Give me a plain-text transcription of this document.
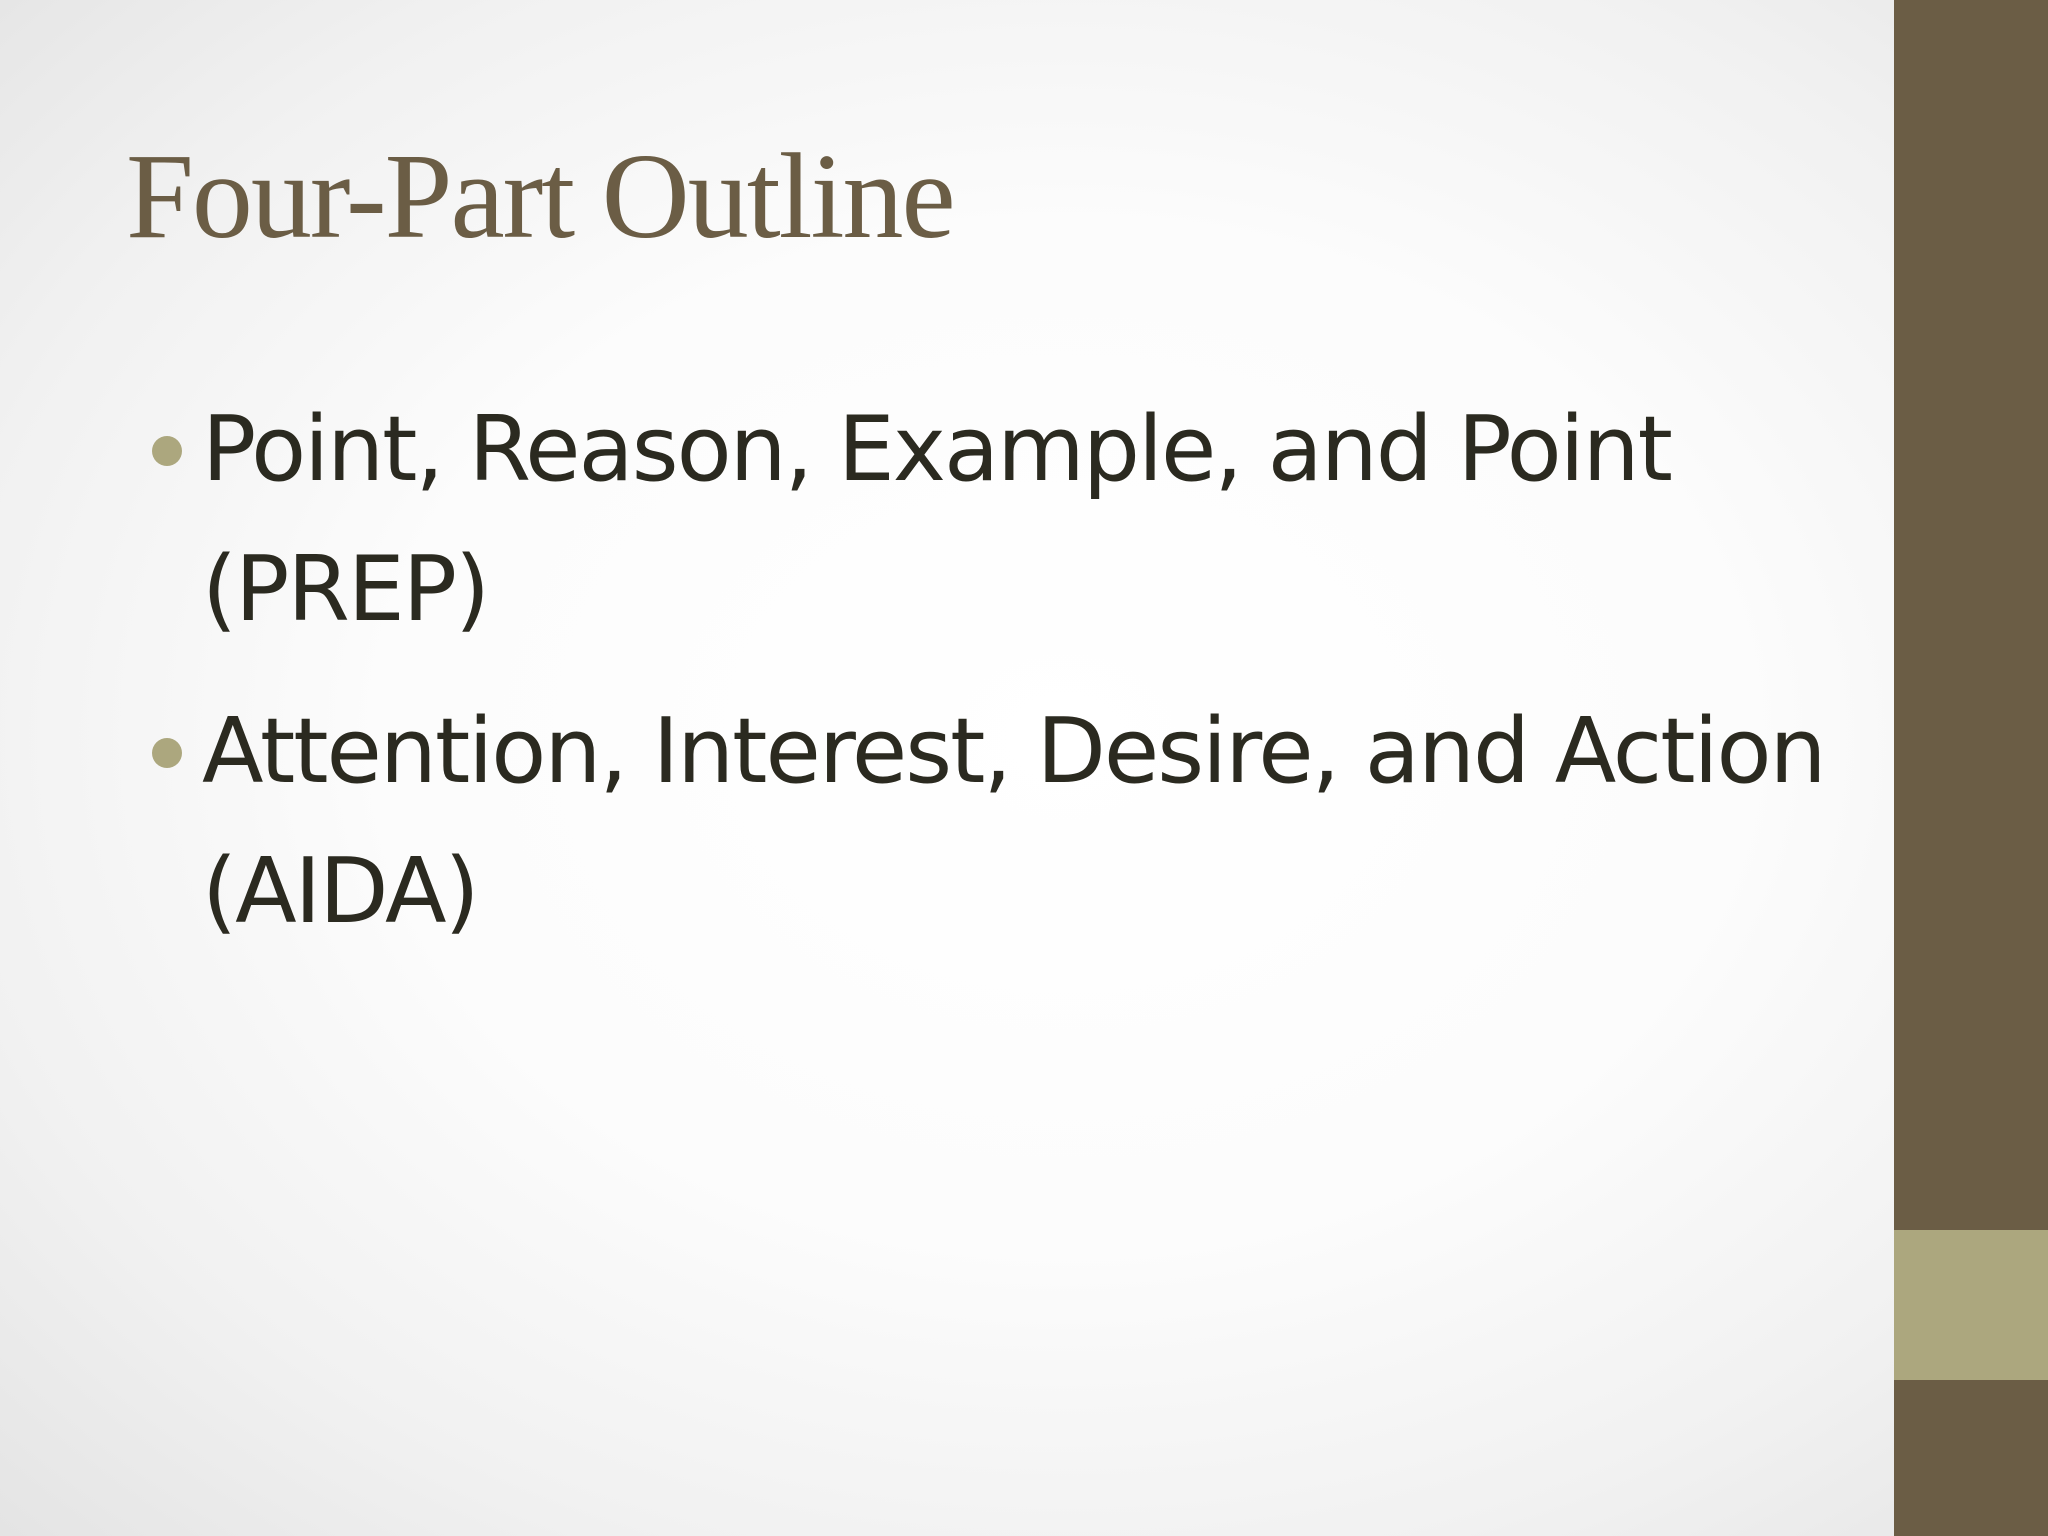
Four-Part Outline
Point, Reason, Example, and Point (PREP)
Attention, Interest, Desire, and Action (AIDA)
